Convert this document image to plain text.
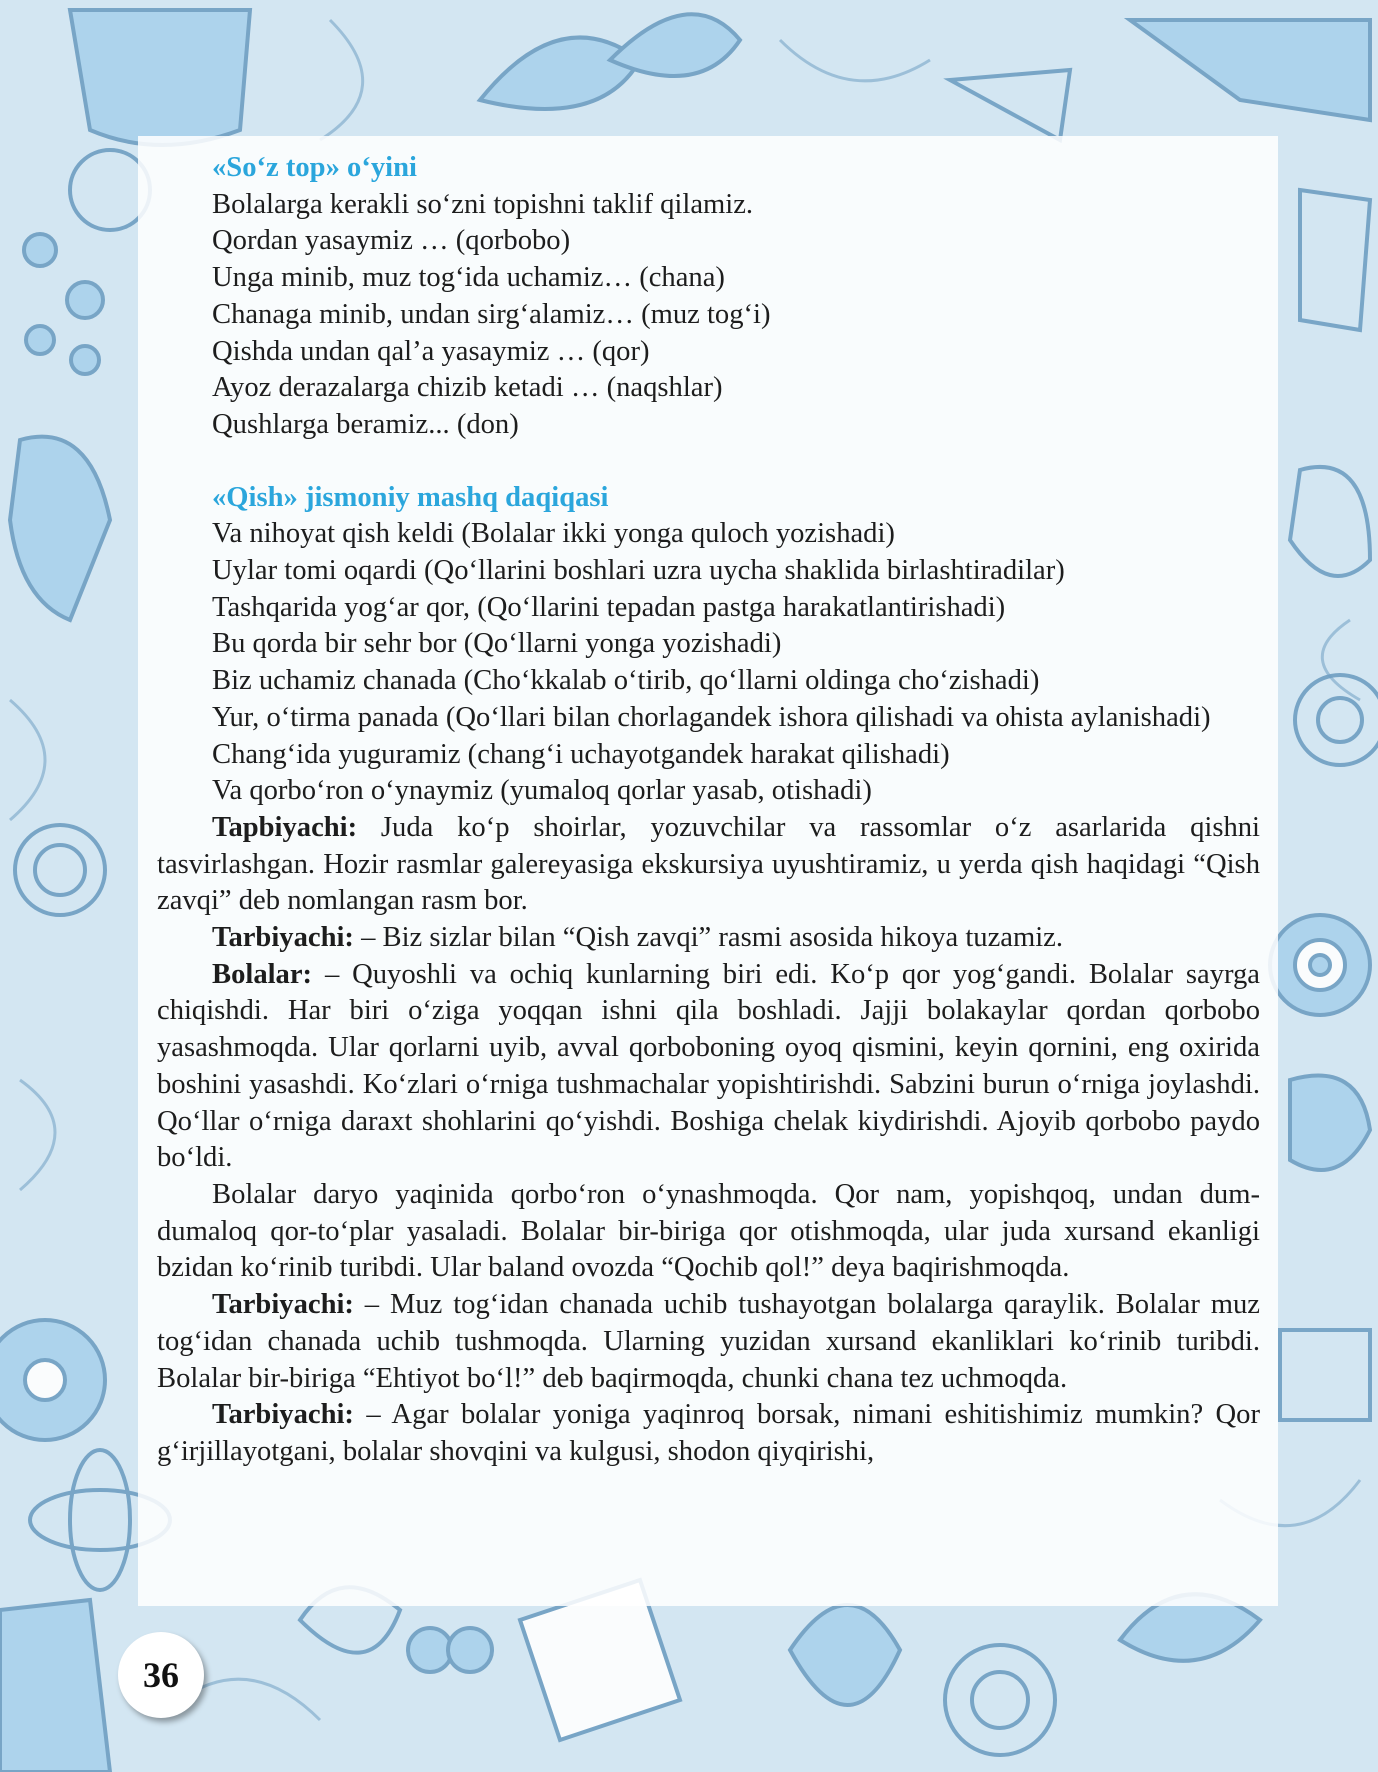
«So‘z top» o‘yini

Bolalarga kerakli so‘zni topishni taklif qilamiz.

Qordan yasaymiz … (qorbobo)

Unga minib, muz tog‘ida uchamiz… (chana)

Chanaga minib, undan sirg‘alamiz… (muz tog‘i)

Qishda undan qal’a yasaymiz … (qor)

Ayoz derazalarga chizib ketadi … (naqshlar)

Qushlarga beramiz... (don)

«Qish» jismoniy mashq daqiqasi

Va nihoyat qish keldi (Bolalar ikki yonga quloch yozishadi)

Uylar tomi oqardi (Qo‘llarini boshlari uzra uycha shaklida birlashtiradilar)

Tashqarida yog‘ar qor, (Qo‘llarini tepadan pastga harakatlantirishadi)

Bu qorda bir sehr bor (Qo‘llarni yonga yozishadi)

Biz uchamiz chanada (Cho‘kkalab o‘tirib, qo‘llarni oldinga cho‘zishadi)

Yur, o‘tirma panada (Qo‘llari bilan chorlagandek ishora qilishadi va ohista aylanishadi)

Chang‘ida yuguramiz (chang‘i uchayotgandek harakat qilishadi)

Va qorbo‘ron o‘ynaymiz (yumaloq qorlar yasab, otishadi)

Tapbiyachi: Juda ko‘p shoirlar, yozuvchilar va rassomlar o‘z asarlarida qishni tasvirlashgan. Hozir rasmlar galereyasiga ekskursiya uyushtiramiz, u yerda qish haqidagi “Qish zavqi” deb nomlangan rasm bor.

Tarbiyachi: – Biz sizlar bilan “Qish zavqi” rasmi asosida hikoya tuzamiz.

Bolalar: – Quyoshli va ochiq kunlarning biri edi. Ko‘p qor yog‘gandi. Bolalar sayrga chiqishdi. Har biri o‘ziga yoqqan ishni qila boshladi. Jajji bolakaylar qordan qorbobo yasashmoqda. Ular qorlarni uyib, avval qorboboning oyoq qismini, keyin qornini, eng oxirida boshini yasashdi. Ko‘zlari o‘rniga tushmachalar yopishtirishdi. Sabzini burun o‘rniga joylashdi. Qo‘llar o‘rniga daraxt shohlarini qo‘yishdi. Boshiga chelak kiydirishdi. Ajoyib qorbobo paydo bo‘ldi.

Bolalar daryo yaqinida qorbo‘ron o‘ynashmoqda. Qor nam, yopishqoq, undan dum-dumaloq qor-to‘plar yasaladi. Bolalar bir-biriga qor otishmoqda, ular juda xursand ekanligi bzidan ko‘rinib turibdi. Ular baland ovozda “Qochib qol!” deya baqirishmoqda.

Tarbiyachi: – Muz tog‘idan chanada uchib tushayotgan bolalarga qaraylik. Bolalar muz tog‘idan chanada uchib tushmoqda. Ularning yuzidan xursand ekanliklari ko‘rinib turibdi. Bolalar bir-biriga “Ehtiyot bo‘l!” deb baqirmoqda, chunki chana tez uchmoqda.

Tarbiyachi: – Agar bolalar yoniga yaqinroq borsak, nimani eshitishimiz mumkin? Qor g‘irjillayotgani, bolalar shovqini va kulgusi, shodon qiyqirishi,

36
